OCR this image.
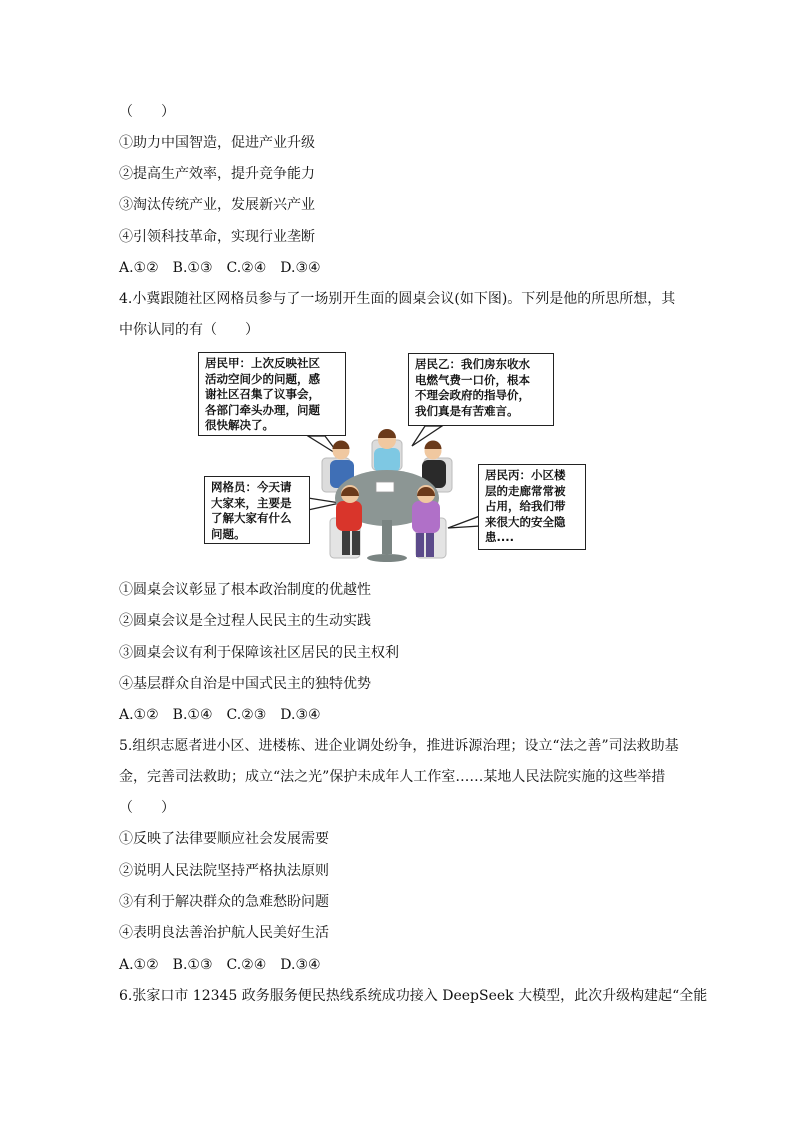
（　　）
①助力中国智造，促进产业升级
②提高生产效率，提升竞争能力
③淘汰传统产业，发展新兴产业
④引领科技革命，实现行业垄断
A.①②　B.①③　C.②④　D.③④
4.小冀跟随社区网格员参与了一场别开生面的圆桌会议(如下图)。下列是他的所思所想，其
中你认同的有（　　）
居民甲：上次反映社区
活动空间少的问题，感
谢社区召集了议事会，
各部门牵头办理，问题
很快解决了。
居民乙：我们房东收水
电燃气费一口价，根本
不理会政府的指导价，
我们真是有苦难言。
网格员：今天请
大家来，主要是
了解大家有什么
问题。
居民丙：小区楼
层的走廊常常被
占用，给我们带
来很大的安全隐
患....
①圆桌会议彰显了根本政治制度的优越性
②圆桌会议是全过程人民民主的生动实践
③圆桌会议有利于保障该社区居民的民主权利
④基层群众自治是中国式民主的独特优势
A.①②　B.①④　C.②③　D.③④
5.组织志愿者进小区、进楼栋、进企业调处纷争，推进诉源治理；设立“法之善”司法救助基
金，完善司法救助；成立“法之光”保护未成年人工作室……某地人民法院实施的这些举措
（　　）
①反映了法律要顺应社会发展需要
②说明人民法院坚持严格执法原则
③有利于解决群众的急难愁盼问题
④表明良法善治护航人民美好生活
A.①②　B.①③　C.②④　D.③④
6.张家口市 12345 政务服务便民热线系统成功接入 DeepSeek 大模型，此次升级构建起“全能
